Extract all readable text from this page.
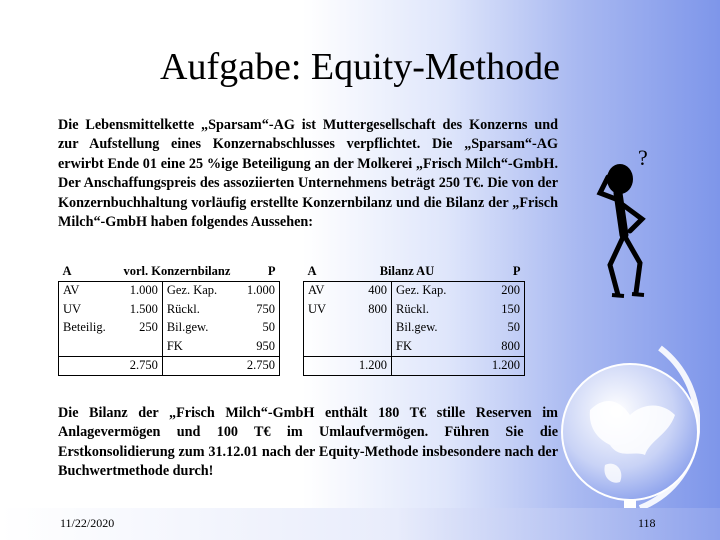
Aufgabe: Equity-Methode

Die Lebensmittelkette „Sparsam“-AG ist Muttergesellschaft des Konzerns und zur Aufstellung eines Konzernabschlusses verpflichtet. Die „Sparsam“-AG erwirbt Ende 01 eine 25 %ige Beteiligung an der Molkerei „Frisch Milch“-GmbH. Der Anschaffungspreis des assoziierten Unternehmens beträgt 250 T€. Die von der Konzernbuchhaltung vorläufig erstellte Konzernbilanz und die Bilanz der „Frisch Milch“-GmbH haben folgendes Aussehen:

A	vorl. Konzernbilanz		P
AV	1.000	Gez. Kap.	1.000
UV	1.500	Rückl.	750
Beteilig.	250	Bil.gew.	50
		FK	950
	2.750		2.750
A	Bilanz AU		P
AV	400	Gez. Kap.	200
UV	800	Rückl.	150
		Bil.gew.	50
		FK	800
	1.200		1.200

Die Bilanz der „Frisch Milch“-GmbH enthält 180 T€ stille Reserven im Anlagevermögen und 100 T€ im Umlaufvermögen. Führen Sie die Erstkonsolidierung zum 31.12.01 nach der Equity-Methode insbesondere nach der Buchwertmethode durch!

?
11/22/2020	118
